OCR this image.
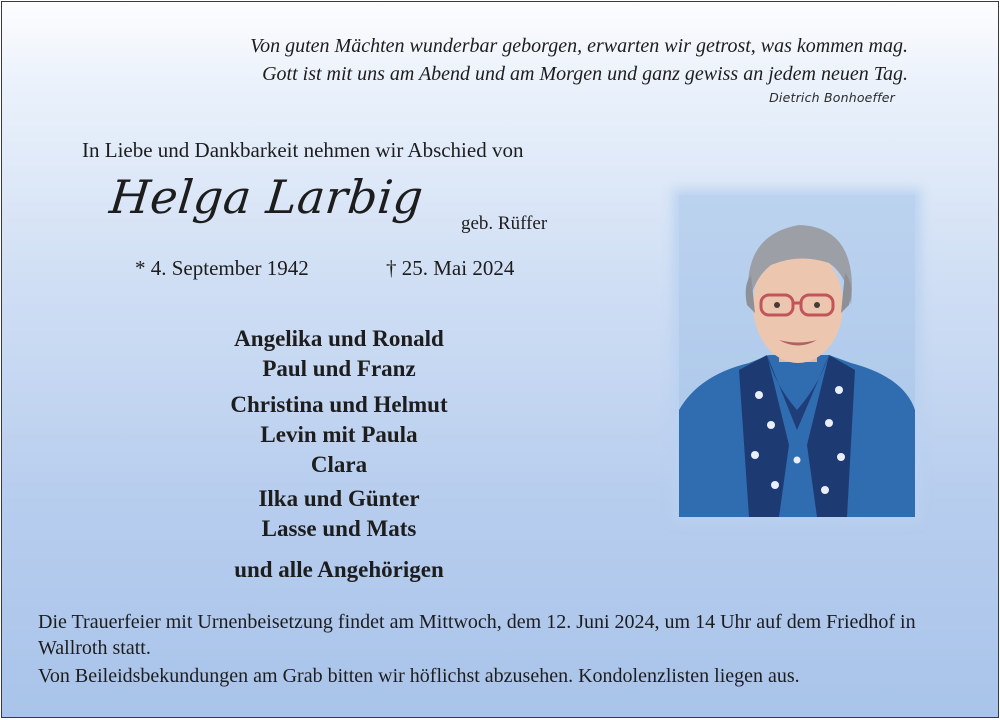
Von guten Mächten wunderbar geborgen, erwarten wir getrost, was kommen mag.
Gott ist mit uns am Abend und am Morgen und ganz gewiss an jedem neuen Tag.
Dietrich Bonhoeffer
In Liebe und Dankbarkeit nehmen wir Abschied von
Helga Larbig geb. Rüffer
* 4. September 1942	† 25. Mai 2024
Angelika und Ronald
Paul und Franz
Christina und Helmut
Levin mit Paula
Clara
Ilka und Günter
Lasse und Mats
und alle Angehörigen
Die Trauerfeier mit Urnenbeisetzung findet am Mittwoch, dem 12. Juni 2024, um 14 Uhr auf dem Friedhof in Wallroth statt.
Von Beileidsbekundungen am Grab bitten wir höflichst abzusehen. Kondolenzlisten liegen aus.
